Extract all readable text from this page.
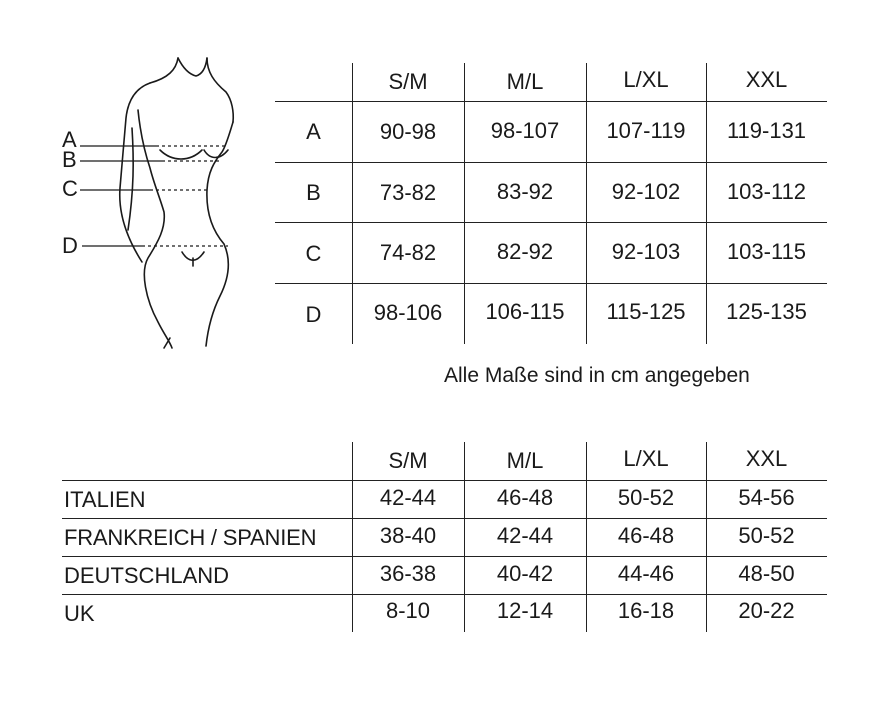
A
B
C
D
S/M	M/L	L/XL	XXL
A	90-98	98-107	107-119	119-131
B	73-82	83-92	92-102	103-112
C	74-82	82-92	92-103	103-115
D	98-106	106-115	115-125	125-135
Alle Maße sind in cm angegeben
S/M	M/L	L/XL	XXL
ITALIEN	42-44	46-48	50-52	54-56
FRANKREICH / SPANIEN	38-40	42-44	46-48	50-52
DEUTSCHLAND	36-38	40-42	44-46	48-50
UK	8-10	12-14	16-18	20-22
